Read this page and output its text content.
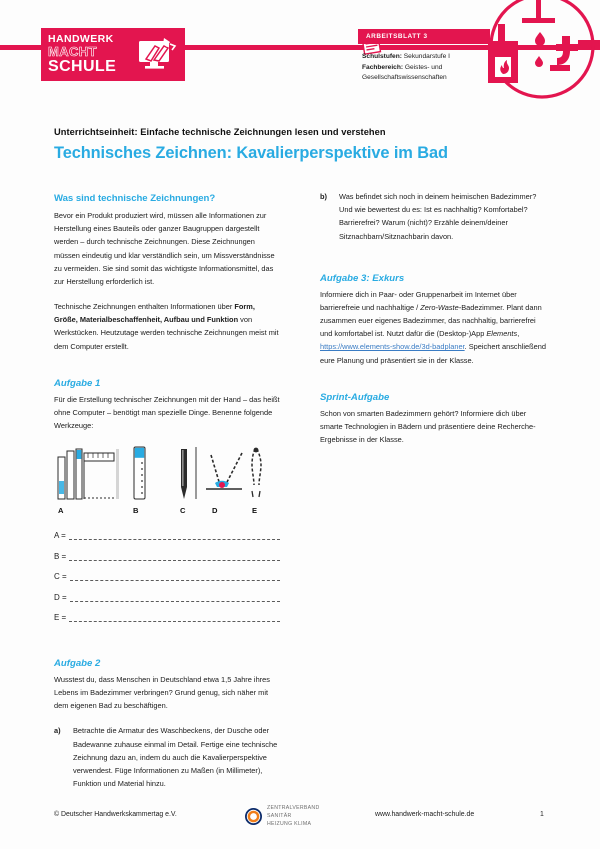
HANDWERK
MACHT
SCHULE
ARBEITSBLATT 3
Schulstufen: Sekundarstufe I
Fachbereich: Geistes- und
Gesellschaftswissenschaften
Unterrichtseinheit: Einfache technische Zeichnungen lesen und verstehen
Technisches Zeichnen: Kavalierperspektive im Bad
Was sind technische Zeichnungen?

Bevor ein Produkt produziert wird, müssen alle Informationen zur Herstellung eines Bauteils oder ganzer Baugruppen dargestellt werden – durch technische Zeichnungen. Diese Zeichnungen müssen eindeutig und klar verständlich sein, um Missverständnisse zu vermeiden. Sie sind somit das wichtigste Informationsmittel, das zur Herstellung erforderlich ist.

Technische Zeichnungen enthalten Informationen über Form, Größe, Materialbeschaffenheit, Aufbau und Funktion von Werkstücken. Heutzutage werden technische Zeichnungen meist mit dem Computer erstellt.

Aufgabe 1

Für die Erstellung technischer Zeichnungen mit der Hand – das heißt ohne Computer – benötigt man spezielle Dinge. Benenne folgende Werkzeuge:

A	B	C	D	E
A =
B =
C =
D =
E =
Aufgabe 2

Wusstest du, dass Menschen in Deutschland etwa 1,5 Jahre ihres Lebens im Badezimmer verbringen? Grund genug, sich näher mit dem eigenen Bad zu beschäftigen.

a)	Betrachte die Armatur des Waschbeckens, der Dusche oder Badewanne zuhause einmal im Detail. Fertige eine technische Zeichnung dazu an, indem du auch die Kavalierperspektive verwendest. Füge Informationen zu Maßen (in Millimeter), Funktion und Material hinzu.
b)	Was befindet sich noch in deinem heimischen Badezimmer? Und wie bewertest du es: Ist es nachhaltig? Komfortabel? Barrierefrei? Warum (nicht)? Erzähle deinem/deiner Sitznachbarn/Sitznachbarin davon.
Aufgabe 3: Exkurs

Informiere dich in Paar- oder Gruppenarbeit im Internet über barrierefreie und nachhaltige / Zero-Waste-Badezimmer. Plant dann zusammen euer eigenes Badezimmer, das nachhaltig, barrierefrei und komfortabel ist. Nutzt dafür die (Desktop-)App Elements, https://www.elements-show.de/3d-badplaner. Speichert anschließend eure Planung und präsentiert sie in der Klasse.

Sprint-Aufgabe

Schon von smarten Badezimmern gehört? Informiere dich über smarte Technologien in Bädern und präsentiere deine Recherche-Ergebnisse in der Klasse.

© Deutscher Handwerkskammertag e.V.
ZENTRALVERBAND
SANITÄR
HEIZUNG KLIMA
www.handwerk-macht-schule.de	1
